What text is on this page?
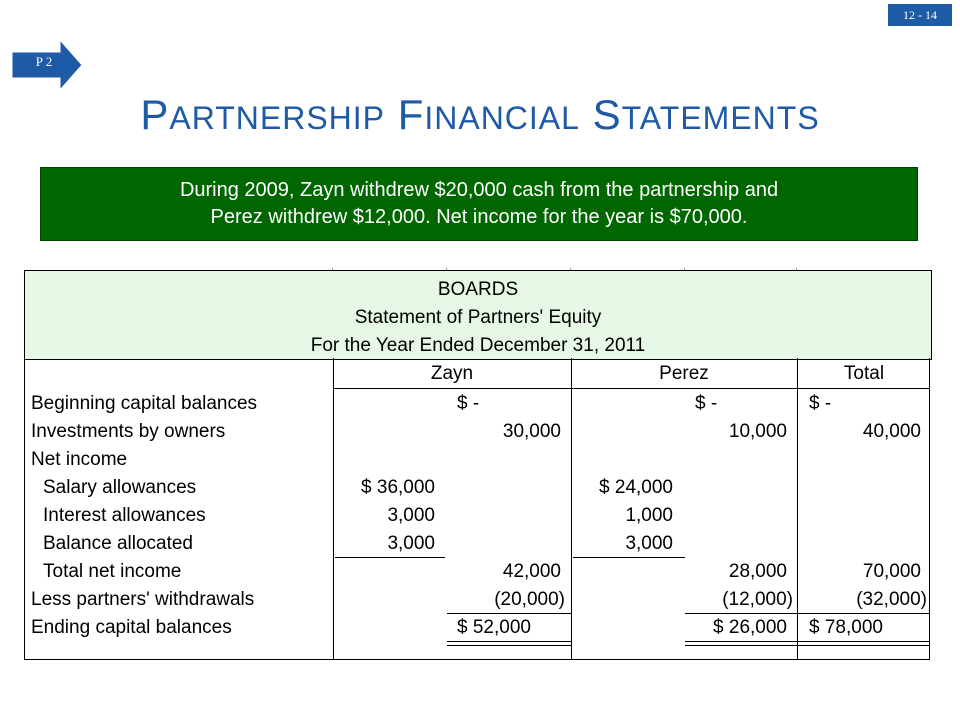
12 - 14
P 2
PARTNERSHIP FINANCIAL STATEMENTS
During 2009, Zayn withdrew $20,000 cash from the partnership and
Perez withdrew $12,000. Net income for the year is $70,000.
BOARDS
Statement of Partners' Equity
For the Year Ended December 31, 2011
Zayn	Perez	Total
Beginning capital balances
Investments by owners
Net income
Salary allowances
Interest allowances
Balance allocated
Total net income
Less partners' withdrawals
Ending capital balances
$ 36,000
3,000
3,000
$ -
30,000
42,000
(20,000)
$ 52,000
$ 24,000
1,000
3,000
$ -
10,000
28,000
(12,000)
$ 26,000
$ -
40,000
70,000
(32,000)
$ 78,000
